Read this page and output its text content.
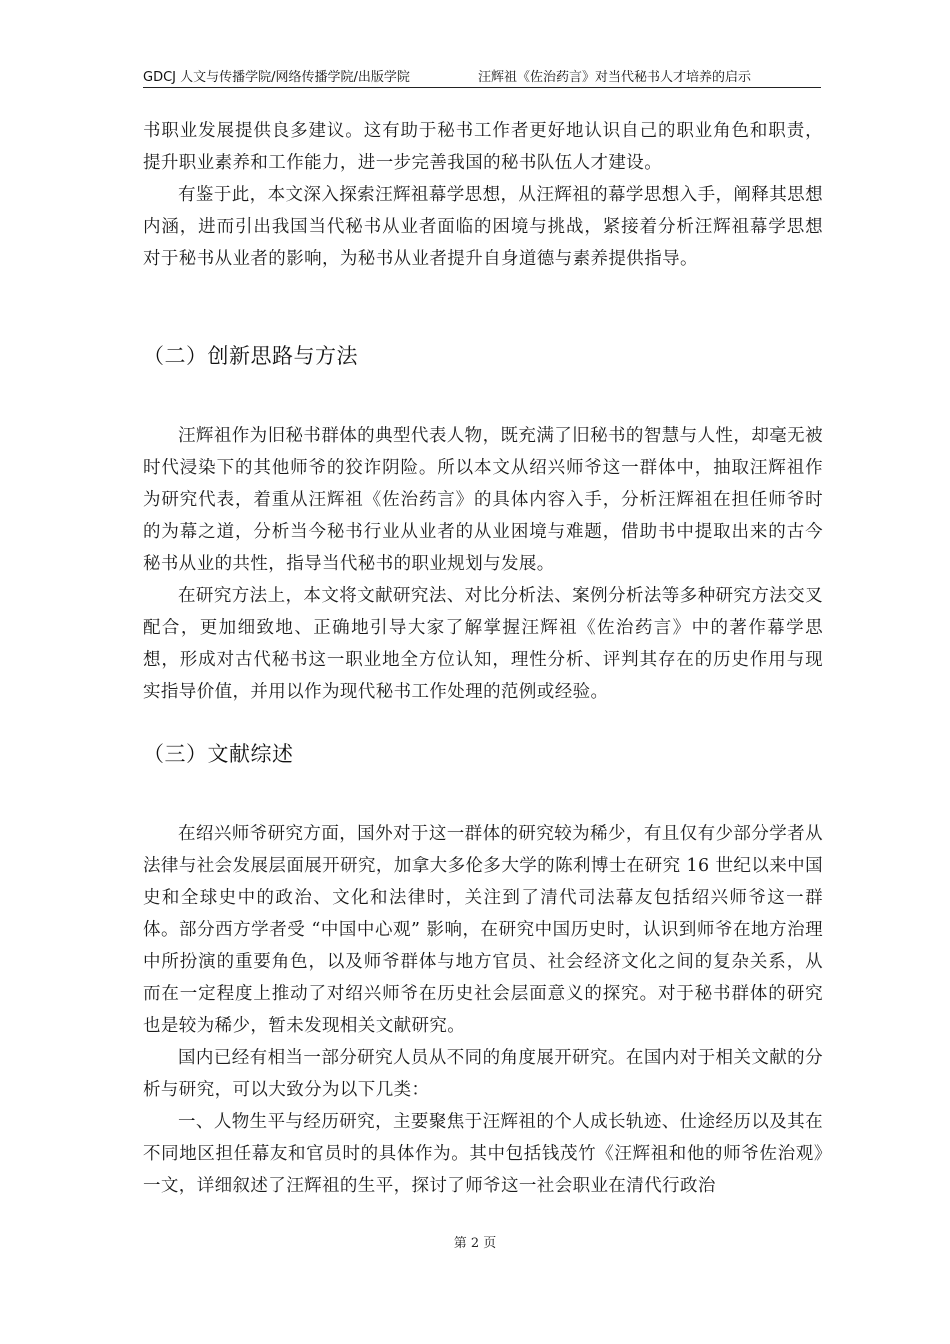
GDCJ 人文与传播学院/网络传播学院/出版学院	汪辉祖《佐治药言》对当代秘书人才培养的启示

书职业发展提供良多建议。这有助于秘书工作者更好地认识自己的职业角色和职责，提升职业素养和工作能力，进一步完善我国的秘书队伍人才建设。

有鉴于此，本文深入探索汪辉祖幕学思想，从汪辉祖的幕学思想入手，阐释其思想内涵，进而引出我国当代秘书从业者面临的困境与挑战，紧接着分析汪辉祖幕学思想对于秘书从业者的影响，为秘书从业者提升自身道德与素养提供指导。

（二）创新思路与方法

汪辉祖作为旧秘书群体的典型代表人物，既充满了旧秘书的智慧与人性，却毫无被时代浸染下的其他师爷的狡诈阴险。所以本文从绍兴师爷这一群体中，抽取汪辉祖作为研究代表，着重从汪辉祖《佐治药言》的具体内容入手，分析汪辉祖在担任师爷时的为幕之道，分析当今秘书行业从业者的从业困境与难题，借助书中提取出来的古今秘书从业的共性，指导当代秘书的职业规划与发展。

在研究方法上，本文将文献研究法、对比分析法、案例分析法等多种研究方法交叉配合，更加细致地、正确地引导大家了解掌握汪辉祖《佐治药言》中的著作幕学思想，形成对古代秘书这一职业地全方位认知，理性分析、评判其存在的历史作用与现实指导价值，并用以作为现代秘书工作处理的范例或经验。

（三）文献综述

在绍兴师爷研究方面，国外对于这一群体的研究较为稀少，有且仅有少部分学者从法律与社会发展层面展开研究，加拿大多伦多大学的陈利博士在研究 16 世纪以来中国史和全球史中的政治、文化和法律时，关注到了清代司法幕友包括绍兴师爷这一群体。部分西方学者受 “中国中心观” 影响，在研究中国历史时，认识到师爷在地方治理中所扮演的重要角色，以及师爷群体与地方官员、社会经济文化之间的复杂关系，从而在一定程度上推动了对绍兴师爷在历史社会层面意义的探究。对于秘书群体的研究也是较为稀少，暂未发现相关文献研究。

国内已经有相当一部分研究人员从不同的角度展开研究。在国内对于相关文献的分析与研究，可以大致分为以下几类：

一、人物生平与经历研究，主要聚焦于汪辉祖的个人成长轨迹、仕途经历以及其在不同地区担任幕友和官员时的具体作为。其中包括钱茂竹《汪辉祖和他的师爷佐治观》一文，详细叙述了汪辉祖的生平，探讨了师爷这一社会职业在清代行政治

第 2 页
